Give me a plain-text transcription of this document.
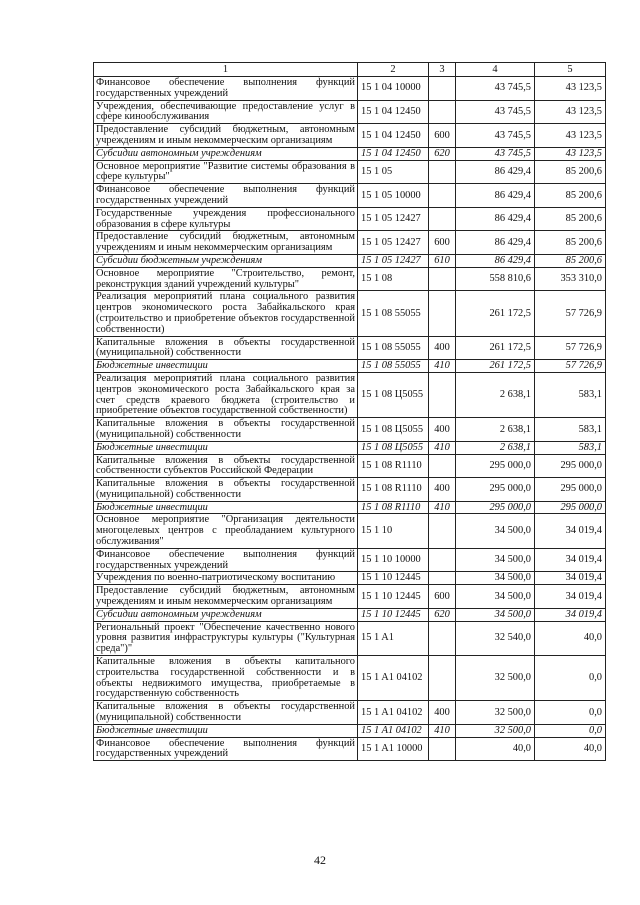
1	2	3	4	5
Финансовое обеспечение выполнения функций государственных учреждений	15 1 04 10000		43 745,5	43 123,5
Учреждения, обеспечивающие предоставление услуг в сфере кинообслуживания	15 1 04 12450		43 745,5	43 123,5
Предоставление субсидий бюджетным, автономным учреждениям и иным некоммерческим организациям	15 1 04 12450	600	43 745,5	43 123,5
Субсидии автономным учреждениям	15 1 04 12450	620	43 745,5	43 123,5
Основное мероприятие "Развитие системы образования в сфере культуры"	15 1 05		86 429,4	85 200,6
Финансовое обеспечение выполнения функций государственных учреждений	15 1 05 10000		86 429,4	85 200,6
Государственные учреждения профессионального образования в сфере культуры	15 1 05 12427		86 429,4	85 200,6
Предоставление субсидий бюджетным, автономным учреждениям и иным некоммерческим организациям	15 1 05 12427	600	86 429,4	85 200,6
Субсидии бюджетным учреждениям	15 1 05 12427	610	86 429,4	85 200,6
Основное мероприятие "Строительство, ремонт, реконструкция зданий учреждений культуры"	15 1 08		558 810,6	353 310,0
Реализация мероприятий плана социального развития центров экономического роста Забайкальского края (строительство и приобретение объектов государственной собственности)	15 1 08 55055		261 172,5	57 726,9
Капитальные вложения в объекты государственной (муниципальной) собственности	15 1 08 55055	400	261 172,5	57 726,9
Бюджетные инвестиции	15 1 08 55055	410	261 172,5	57 726,9
Реализация мероприятий плана социального развития центров экономического роста Забайкальского края за счет средств краевого бюджета (строительство и приобретение объектов государственной собственности)	15 1 08 Ц5055		2 638,1	583,1
Капитальные вложения в объекты государственной (муниципальной) собственности	15 1 08 Ц5055	400	2 638,1	583,1
Бюджетные инвестиции	15 1 08 Ц5055	410	2 638,1	583,1
Капитальные вложения в объекты государственной собственности субъектов Российской Федерации	15 1 08 R1110		295 000,0	295 000,0
Капитальные вложения в объекты государственной (муниципальной) собственности	15 1 08 R1110	400	295 000,0	295 000,0
Бюджетные инвестиции	15 1 08 R1110	410	295 000,0	295 000,0
Основное мероприятие "Организация деятельности многоцелевых центров с преобладанием культурного обслуживания"	15 1 10		34 500,0	34 019,4
Финансовое обеспечение выполнения функций государственных учреждений	15 1 10 10000		34 500,0	34 019,4
Учреждения по военно-патриотическому воспитанию	15 1 10 12445		34 500,0	34 019,4
Предоставление субсидий бюджетным, автономным учреждениям и иным некоммерческим организациям	15 1 10 12445	600	34 500,0	34 019,4
Субсидии автономным учреждениям	15 1 10 12445	620	34 500,0	34 019,4
Региональный проект "Обеспечение качественно нового уровня развития инфраструктуры культуры ("Культурная среда")"	15 1 A1		32 540,0	40,0
Капитальные вложения в объекты капитального строительства государственной собственности и в объекты недвижимого имущества, приобретаемые в государственную собственность	15 1 A1 04102		32 500,0	0,0
Капитальные вложения в объекты государственной (муниципальной) собственности	15 1 A1 04102	400	32 500,0	0,0
Бюджетные инвестиции	15 1 A1 04102	410	32 500,0	0,0
Финансовое обеспечение выполнения функций государственных учреждений	15 1 A1 10000		40,0	40,0
42
